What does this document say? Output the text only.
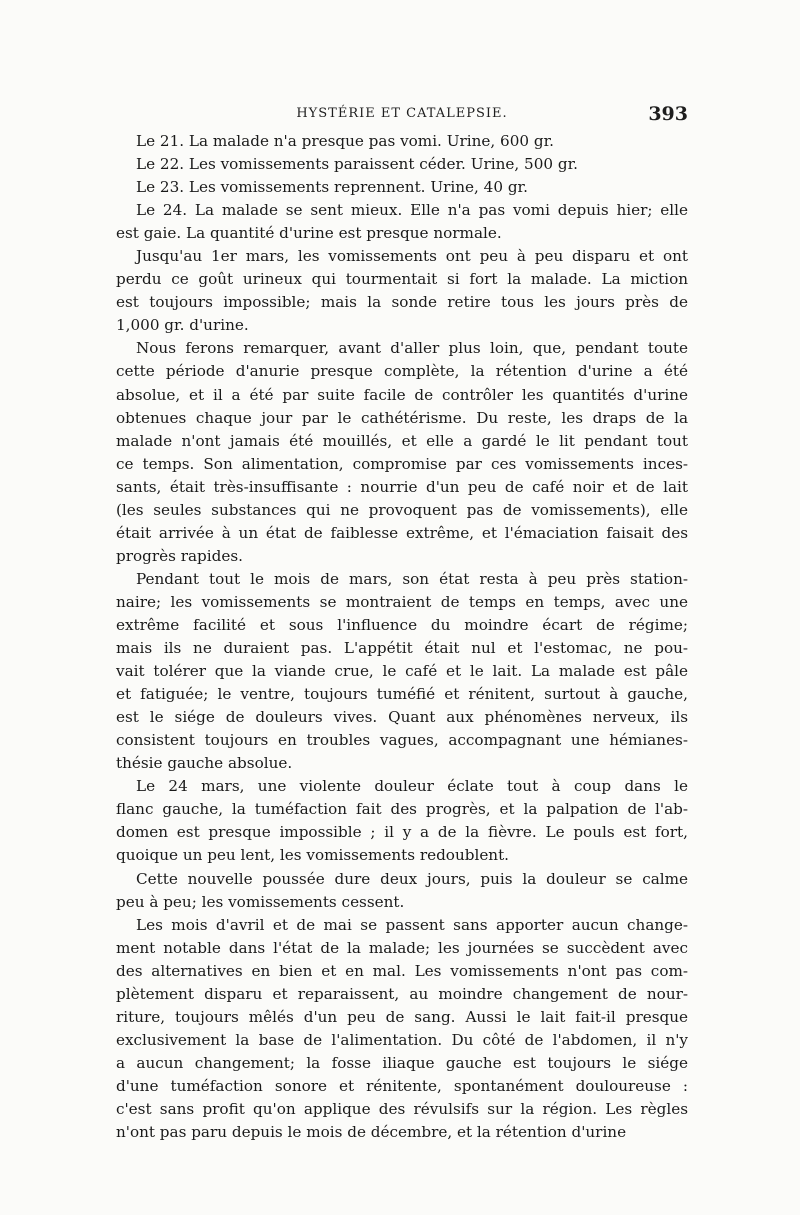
HYSTÉRIE ET CATALEPSIE.	393
Le 21. La malade n'a presque pas vomi. Urine, 600 gr.
Le 22. Les vomissements paraissent céder. Urine, 500 gr.
Le 23. Les vomissements reprennent. Urine, 40 gr.
Le 24. La malade se sent mieux. Elle n'a pas vomi depuis hier; elle
est gaie. La quantité d'urine est presque normale.
Jusqu'au 1er mars, les vomissements ont peu à peu disparu et ont
perdu ce goût urineux qui tourmentait si fort la malade. La miction
est toujours impossible; mais la sonde retire tous les jours près de
1,000 gr. d'urine.
Nous ferons remarquer, avant d'aller plus loin, que, pendant toute
cette période d'anurie presque complète, la rétention d'urine a été
absolue, et il a été par suite facile de contrôler les quantités d'urine
obtenues chaque jour par le cathétérisme. Du reste, les draps de la
malade n'ont jamais été mouillés, et elle a gardé le lit pendant tout
ce temps. Son alimentation, compromise par ces vomissements inces-
sants, était très-insuffisante : nourrie d'un peu de café noir et de lait
(les seules substances qui ne provoquent pas de vomissements), elle
était arrivée à un état de faiblesse extrême, et l'émaciation faisait des
progrès rapides.
Pendant tout le mois de mars, son état resta à peu près station-
naire; les vomissements se montraient de temps en temps, avec une
extrême facilité et sous l'influence du moindre écart de régime;
mais ils ne duraient pas. L'appétit était nul et l'estomac, ne pou-
vait tolérer que la viande crue, le café et le lait. La malade est pâle
et fatiguée; le ventre, toujours tuméfié et rénitent, surtout à gauche,
est le siége de douleurs vives. Quant aux phénomènes nerveux, ils
consistent toujours en troubles vagues, accompagnant une hémianes-
thésie gauche absolue.
Le 24 mars, une violente douleur éclate tout à coup dans le
flanc gauche, la tuméfaction fait des progrès, et la palpation de l'ab-
domen est presque impossible ; il y a de la fièvre. Le pouls est fort,
quoique un peu lent, les vomissements redoublent.
Cette nouvelle poussée dure deux jours, puis la douleur se calme
peu à peu; les vomissements cessent.
Les mois d'avril et de mai se passent sans apporter aucun change-
ment notable dans l'état de la malade; les journées se succèdent avec
des alternatives en bien et en mal. Les vomissements n'ont pas com-
plètement disparu et reparaissent, au moindre changement de nour-
riture, toujours mêlés d'un peu de sang. Aussi le lait fait-il presque
exclusivement la base de l'alimentation. Du côté de l'abdomen, il n'y
a aucun changement; la fosse iliaque gauche est toujours le siége
d'une tuméfaction sonore et rénitente, spontanément douloureuse :
c'est sans profit qu'on applique des révulsifs sur la région. Les règles
n'ont pas paru depuis le mois de décembre, et la rétention d'urine
